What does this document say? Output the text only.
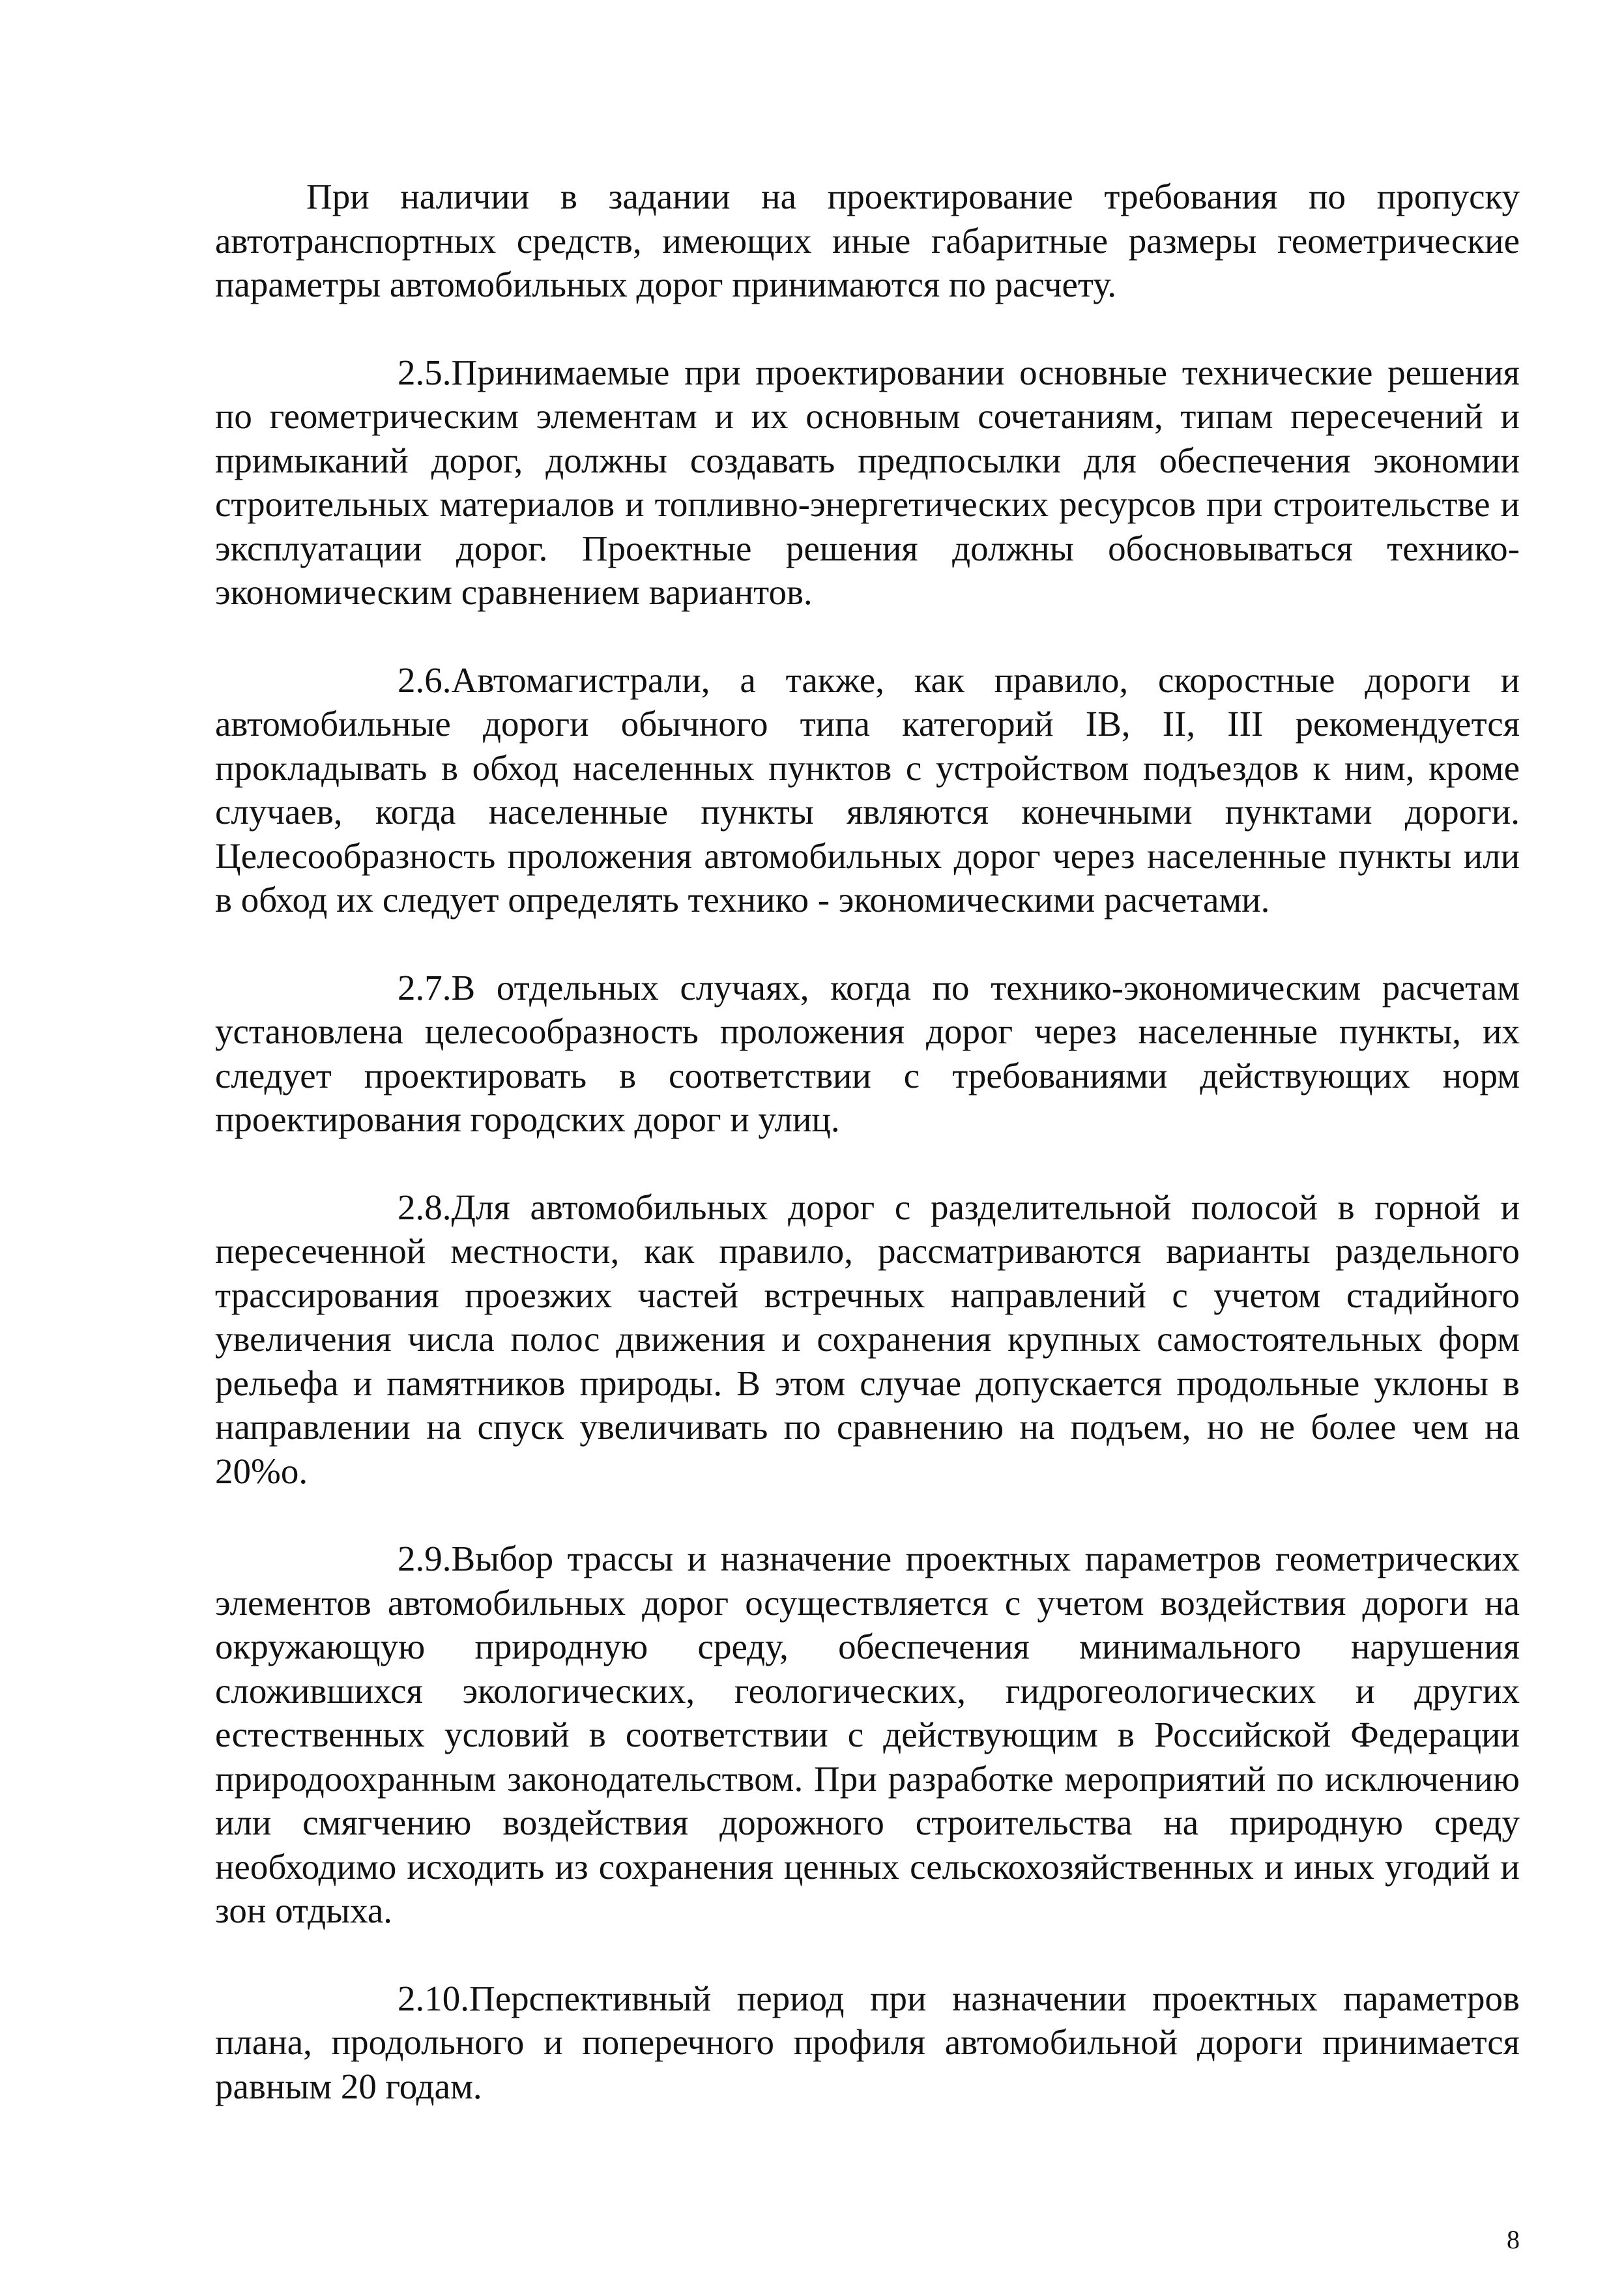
При наличии в задании на проектирование требования по пропуску автотранспортных средств, имеющих иные габаритные размеры геометрические параметры автомобильных дорог принимаются по расчету.

2.5.Принимаемые при проектировании основные технические решения по геометрическим элементам и их основным сочетаниям, типам пересечений и примыканий дорог, должны создавать предпосылки для обеспечения экономии строительных материалов и топливно-энергетических ресурсов при строительстве и эксплуатации дорог. Проектные решения должны обосновываться технико-экономическим сравнением вариантов.

2.6.Автомагистрали, а также, как правило, скоростные дороги и автомобильные дороги обычного типа категорий IB, II, III рекомендуется прокладывать в обход населенных пунктов с устройством подъездов к ним, кроме случаев, когда населенные пункты являются конечными пунктами дороги. Целесообразность проложения автомобильных дорог через населенные пункты или в обход их следует определять технико - экономическими расчетами.

2.7.В отдельных случаях, когда по технико-экономическим расчетам установлена целесообразность проложения дорог через населенные пункты, их следует проектировать в соответствии с требованиями действующих норм проектирования городских дорог и улиц.

2.8.Для автомобильных дорог с разделительной полосой в горной и пересеченной местности, как правило, рассматриваются варианты раздельного трассирования проезжих частей встречных направлений с учетом стадийного увеличения числа полос движения и сохранения крупных самостоятельных форм рельефа и памятников природы. В этом случае допускается продольные уклоны в направлении на спуск увеличивать по сравнению на подъем, но не более чем на 20%о.

2.9.Выбор трассы и назначение проектных параметров геометрических элементов автомобильных дорог осуществляется с учетом воздействия дороги на окружающую природную среду, обеспечения минимального нарушения сложившихся экологических, геологических, гидрогеологических и других естественных условий в соответствии с действующим в Российской Федерации природоохранным законодательством. При разработке мероприятий по исключению или смягчению воздействия дорожного строительства на природную среду необходимо исходить из сохранения ценных сельскохозяйственных и иных угодий и зон отдыха.

2.10.Перспективный период при назначении проектных параметров плана, продольного и поперечного профиля автомобильной дороги принимается равным 20 годам.

8
